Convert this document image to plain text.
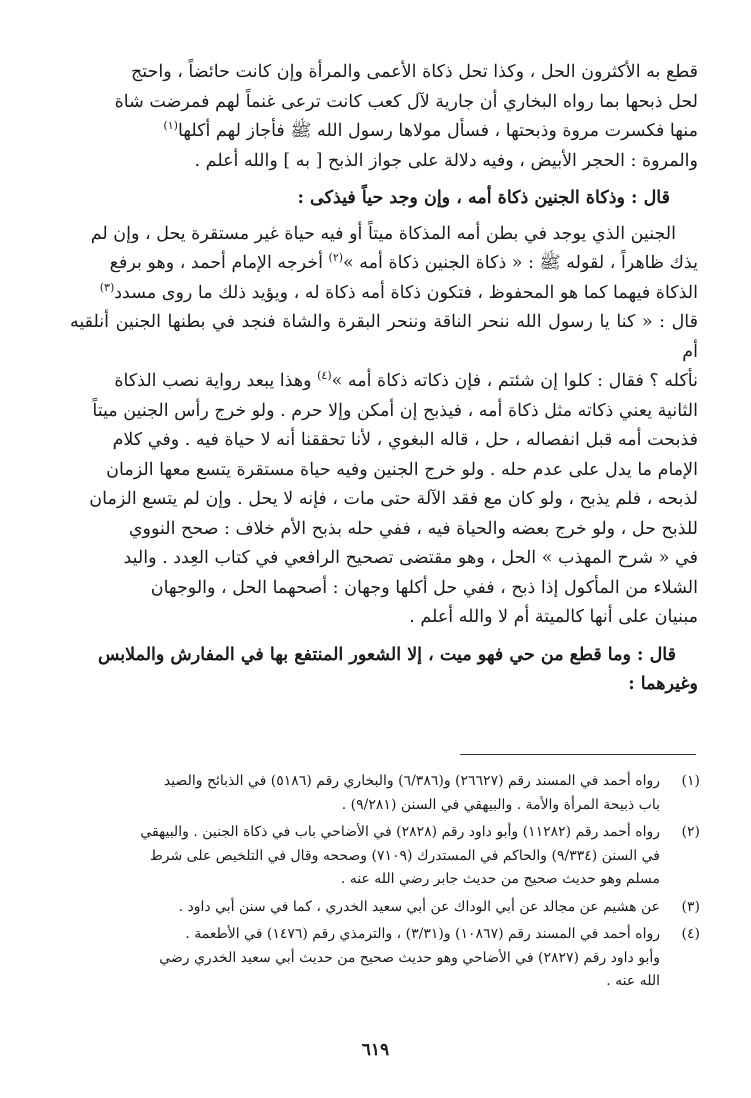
قطع به الأكثرون الحل ، وكذا تحل ذكاة الأعمى والمرأة وإن كانت حائضاً ، واحتج

لحل ذبحها بما رواه البخاري أن جارية لآل كعب كانت ترعى غنماً لهم فمرضت شاة

منها فكسرت مروة وذبحتها ، فسأل مولاها رسول الله ﷺ فأجاز لهم أكلها$^{(١)}$

والمروة : الحجر الأبيض ، وفيه دلالة على جواز الذبح [ به ] والله أعلم .

قال : وذكاة الجنين ذكاة أمه ، وإن وجد حياً فيذكى :

الجنين الذي يوجد في بطن أمه المذكاة ميتاً أو فيه حياة غير مستقرة يحل ، وإن لم

يذك ظاهراً ، لقوله ﷺ : « ذكاة الجنين ذكاة أمه »$^{(٢)}$ أخرجه الإمام أحمد ، وهو برفع

الذكاة فيهما كما هو المحفوظ ، فتكون ذكاة أمه ذكاة له ، ويؤيد ذلك ما روى مسدد$^{(٣)}$

قال : « كنا يا رسول الله ننحر الناقة وننحر البقرة والشاة فنجد في بطنها الجنين أنلقيه أم

نأكله ؟ فقال : كلوا إن شئتم ، فإن ذكاته ذكاة أمه »$^{(٤)}$ وهذا يبعد رواية نصب الذكاة

الثانية يعني ذكاته مثل ذكاة أمه ، فيذبح إن أمكن وإلا حرم . ولو خرج رأس الجنين ميتاً

فذبحت أمه قبل انفصاله ، حل ، قاله البغوي ، لأنا تحققنا أنه لا حياة فيه . وفي كلام

الإمام ما يدل على عدم حله . ولو خرج الجنين وفيه حياة مستقرة يتسع معها الزمان

لذبحه ، فلم يذبح ، ولو كان مع فقد الآلة حتى مات ، فإنه لا يحل . وإن لم يتسع الزمان

للذبح حل ، ولو خرج بعضه والحياة فيه ، ففي حله بذبح الأم خلاف : صحح النووي

في « شرح المهذب » الحل ، وهو مقتضى تصحيح الرافعي في كتاب العِدد . واليد

الشلاء من المأكول إذا ذبح ، ففي حل أكلها وجهان : أصحهما الحل ، والوجهان

مبنيان على أنها كالميتة أم لا والله أعلم .

قال : وما قطع من حي فهو ميت ، إلا الشعور المنتفع بها في المفارش والملابس

وغيرهما :

(١)
رواه أحمد في المسند رقم (٢٦٦٢٧) و(٦/٣٨٦) والبخاري رقم (٥١٨٦) في الذبائح والصيد
باب ذبيحة المرأة والأمة . والبيهقي في السنن (٩/٢٨١) .
(٢)
رواه أحمد رقم (١١٢٨٢) وأبو داود رقم (٢٨٢٨) في الأضاحي باب في ذكاة الجنين . والبيهقي
في السنن (٩/٣٣٤) والحاكم في المستدرك (٧١٠٩) وصححه وقال في التلخيص على شرط
مسلم وهو حديث صحيح من حديث جابر رضي الله عنه .
(٣)
عن هشيم عن مجالد عن أبي الوداك عن أبي سعيد الخدري ، كما في سنن أبي داود .
(٤)
رواه أحمد في المسند رقم (١٠٨٦٧) و(٣/٣١) ، والترمذي رقم (١٤٧٦) في الأطعمة .
وأبو داود رقم (٢٨٢٧) في الأضاحي وهو حديث صحيح من حديث أبي سعيد الخدري رضي
الله عنه .
٦١٩
